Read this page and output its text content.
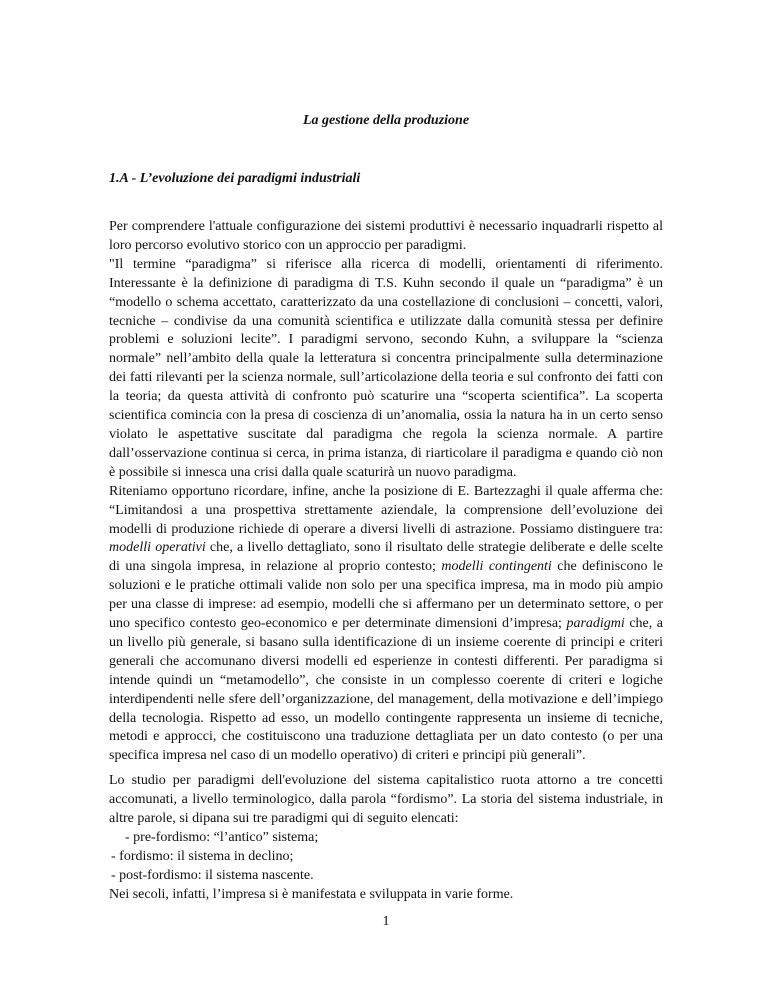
La gestione della produzione
1.A - L’evoluzione dei paradigmi industriali

Per comprendere l'attuale configurazione dei sistemi produttivi è necessario inquadrarli rispetto al loro percorso evolutivo storico con un approccio per paradigmi.

"Il termine “paradigma” si riferisce alla ricerca di modelli, orientamenti di riferimento. Interessante è la definizione di paradigma di T.S. Kuhn secondo il quale un “paradigma” è un “modello o schema accettato, caratterizzato da una costellazione di conclusioni – concetti, valori, tecniche – condivise da una comunità scientifica e utilizzate dalla comunità stessa per definire problemi e soluzioni lecite”. I paradigmi servono, secondo Kuhn, a sviluppare la “scienza normale” nell’ambito della quale la letteratura si concentra principalmente sulla determinazione dei fatti rilevanti per la scienza normale, sull’articolazione della teoria e sul confronto dei fatti con la teoria; da questa attività di confronto può scaturire una “scoperta scientifica”. La scoperta scientifica comincia con la presa di coscienza di un’anomalia, ossia la natura ha in un certo senso violato le aspettative suscitate dal paradigma che regola la scienza normale. A partire dall’osservazione continua si cerca, in prima istanza, di riarticolare il paradigma e quando ciò non è possibile si innesca una crisi dalla quale scaturirà un nuovo paradigma.

Riteniamo opportuno ricordare, infine, anche la posizione di E. Bartezzaghi il quale afferma che: “Limitandosi a una prospettiva strettamente aziendale, la comprensione dell’evoluzione dei modelli di produzione richiede di operare a diversi livelli di astrazione. Possiamo distinguere tra: modelli operativi che, a livello dettagliato, sono il risultato delle strategie deliberate e delle scelte di una singola impresa, in relazione al proprio contesto; modelli contingenti che definiscono le soluzioni e le pratiche ottimali valide non solo per una specifica impresa, ma in modo più ampio per una classe di imprese: ad esempio, modelli che si affermano per un determinato settore, o per uno specifico contesto geo-economico e per determinate dimensioni d’impresa; paradigmi che, a un livello più generale, si basano sulla identificazione di un insieme coerente di principi e criteri generali che accomunano diversi modelli ed esperienze in contesti differenti. Per paradigma si intende quindi un “metamodello”, che consiste in un complesso coerente di criteri e logiche interdipendenti nelle sfere dell’organizzazione, del management, della motivazione e dell’impiego della tecnologia. Rispetto ad esso, un modello contingente rappresenta un insieme di tecniche, metodi e approcci, che costituiscono una traduzione dettagliata per un dato contesto (o per una specifica impresa nel caso di un modello operativo) di criteri e principi più generali”.

Lo studio per paradigmi dell'evoluzione del sistema capitalistico ruota attorno a tre concetti accomunati, a livello terminologico, dalla parola “fordismo”. La storia del sistema industriale, in altre parole, si dipana sui tre paradigmi qui di seguito elencati:

- pre-fordismo: “l’antico” sistema;
- fordismo: il sistema in declino;
- post-fordismo: il sistema nascente.

Nei secoli, infatti, l’impresa si è manifestata e sviluppata in varie forme.

1
